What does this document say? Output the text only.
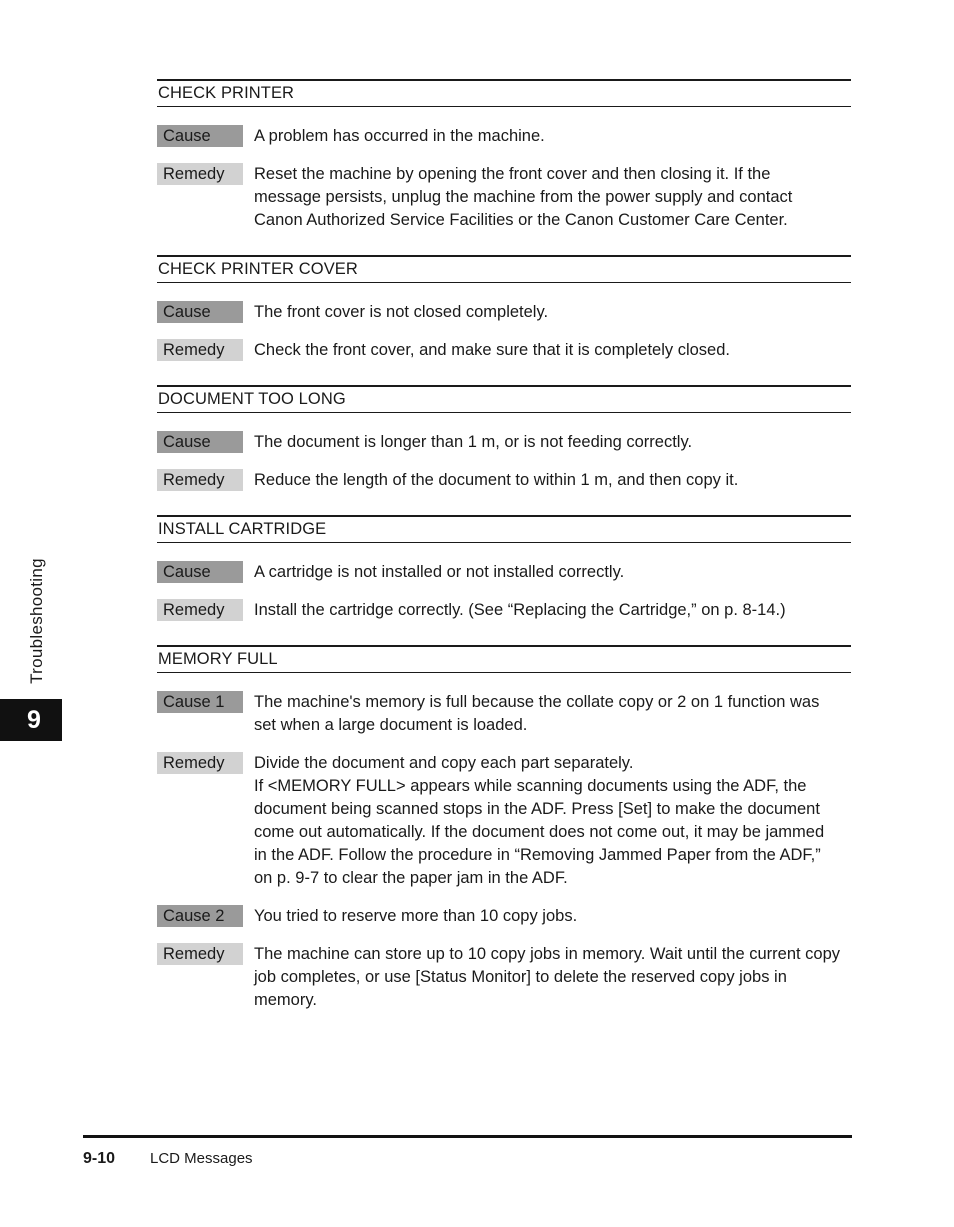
CHECK PRINTER
Cause	A problem has occurred in the machine.
Remedy	Reset the machine by opening the front cover and then closing it. If the
message persists, unplug the machine from the power supply and contact
Canon Authorized Service Facilities or the Canon Customer Care Center.
CHECK PRINTER COVER
Cause	The front cover is not closed completely.
Remedy	Check the front cover, and make sure that it is completely closed.
DOCUMENT TOO LONG
Cause	The document is longer than 1 m, or is not feeding correctly.
Remedy	Reduce the length of the document to within 1 m, and then copy it.
INSTALL CARTRIDGE
Cause	A cartridge is not installed or not installed correctly.
Remedy	Install the cartridge correctly. (See “Replacing the Cartridge,” on p. 8-14.)
MEMORY FULL
Cause 1	The machine's memory is full because the collate copy or 2 on 1 function was
set when a large document is loaded.
Remedy	Divide the document and copy each part separately.
If <MEMORY FULL> appears while scanning documents using the ADF, the
document being scanned stops in the ADF. Press [Set] to make the document
come out automatically. If the document does not come out, it may be jammed
in the ADF. Follow the procedure in “Removing Jammed Paper from the ADF,”
on p. 9-7 to clear the paper jam in the ADF.
Cause 2	You tried to reserve more than 10 copy jobs.
Remedy	The machine can store up to 10 copy jobs in memory. Wait until the current copy
job completes, or use [Status Monitor] to delete the reserved copy jobs in
memory.
Troubleshooting
9
9-10 LCD Messages
